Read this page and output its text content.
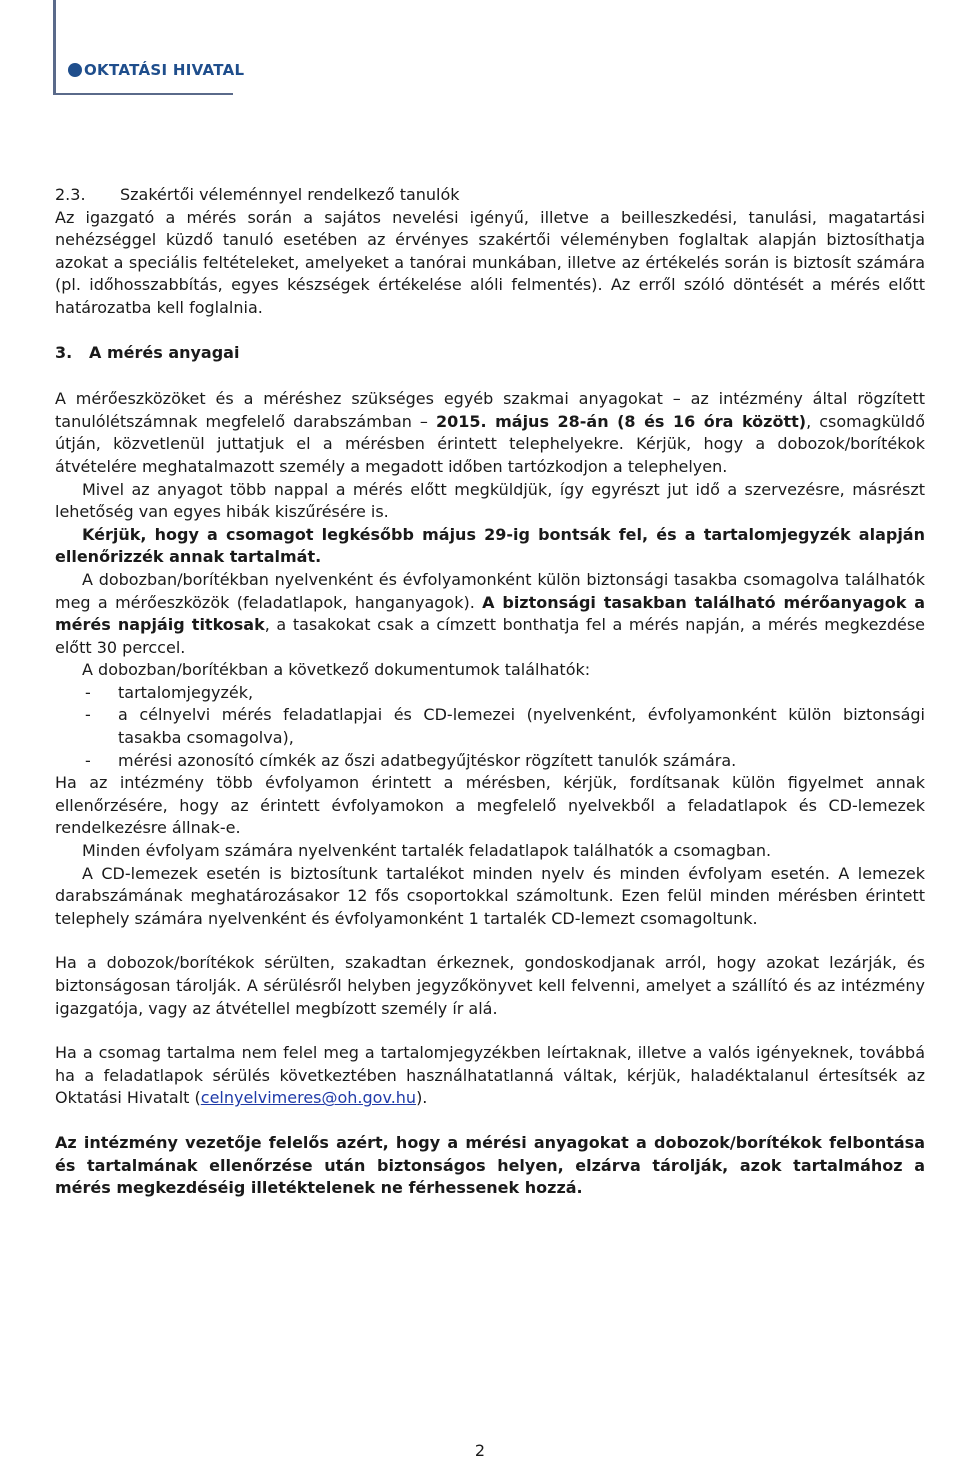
OKTATÁSI HIVATAL
2.3.	Szakértői véleménnyel rendelkező tanulók

Az igazgató a mérés során a sajátos nevelési igényű, illetve a beilleszkedési, tanulási, magatartási nehézséggel küzdő tanuló esetében az érvényes szakértői véleményben foglaltak alapján biztosíthatja azokat a speciális feltételeket, amelyeket a tanórai munkában, illetve az értékelés során is biztosít számára (pl. időhosszabbítás, egyes készségek értékelése alóli felmentés). Az erről szóló döntését a mérés előtt határozatba kell foglalnia.

3. A mérés anyagai

A mérőeszközöket és a méréshez szükséges egyéb szakmai anyagokat – az intézmény által rögzített tanulólétszámnak megfelelő darabszámban – 2015. május 28-án (8 és 16 óra között), csomagküldő útján, közvetlenül juttatjuk el a mérésben érintett telephelyekre. Kérjük, hogy a dobozok/borítékok átvételére meghatalmazott személy a megadott időben tartózkodjon a telephelyen.

Mivel az anyagot több nappal a mérés előtt megküldjük, így egyrészt jut idő a szervezésre, másrészt lehetőség van egyes hibák kiszűrésére is.

Kérjük, hogy a csomagot legkésőbb május 29-ig bontsák fel, és a tartalomjegyzék alapján ellenőrizzék annak tartalmát.

A dobozban/borítékban nyelvenként és évfolyamonként külön biztonsági tasakba csomagolva találhatók meg a mérőeszközök (feladatlapok, hanganyagok). A biztonsági tasakban található mérőanyagok a mérés napjáig titkosak, a tasakokat csak a címzett bonthatja fel a mérés napján, a mérés megkezdése előtt 30 perccel.

A dobozban/borítékban a következő dokumentumok találhatók:

- tartalomjegyzék,
- a célnyelvi mérés feladatlapjai és CD-lemezei (nyelvenként, évfolyamonként külön biztonsági tasakba csomagolva),
- mérési azonosító címkék az őszi adatbegyűjtéskor rögzített tanulók számára.

Ha az intézmény több évfolyamon érintett a mérésben, kérjük, fordítsanak külön figyelmet annak ellenőrzésére, hogy az érintett évfolyamokon a megfelelő nyelvekből a feladatlapok és CD-lemezek rendelkezésre állnak-e.

Minden évfolyam számára nyelvenként tartalék feladatlapok találhatók a csomagban.

A CD-lemezek esetén is biztosítunk tartalékot minden nyelv és minden évfolyam esetén. A lemezek darabszámának meghatározásakor 12 fős csoportokkal számoltunk. Ezen felül minden mérésben érintett telephely számára nyelvenként és évfolyamonként 1 tartalék CD-lemezt csomagoltunk.

Ha a dobozok/borítékok sérülten, szakadtan érkeznek, gondoskodjanak arról, hogy azokat lezárják, és biztonságosan tárolják. A sérülésről helyben jegyzőkönyvet kell felvenni, amelyet a szállító és az intézmény igazgatója, vagy az átvétellel megbízott személy ír alá.

Ha a csomag tartalma nem felel meg a tartalomjegyzékben leírtaknak, illetve a valós igényeknek, továbbá ha a feladatlapok sérülés következtében használhatatlanná váltak, kérjük, haladéktalanul értesítsék az Oktatási Hivatalt (celnyelvimeres@oh.gov.hu).

Az intézmény vezetője felelős azért, hogy a mérési anyagokat a dobozok/borítékok felbontása és tartalmának ellenőrzése után biztonságos helyen, elzárva tárolják, azok tartalmához a mérés megkezdéséig illetéktelenek ne férhessenek hozzá.

2
